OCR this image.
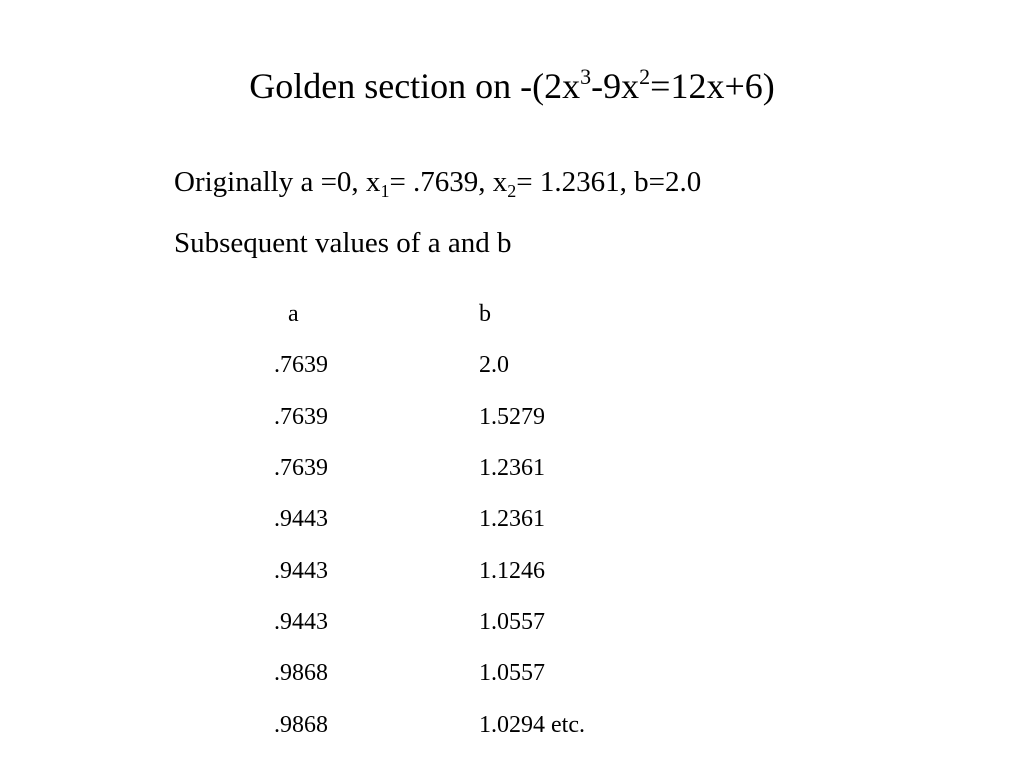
Golden section on $-(2x^3-9x^2=12x+6)$
Originally a =0, $x_1= .7639$, $x_2= 1.2361$, b=2.0
Subsequent values of a and b
a	b
.7639	2.0
.7639	1.5279
.7639	1.2361
.9443	1.2361
.9443	1.1246
.9443	1.0557
.9868	1.0557
.9868	1.0294 etc.
